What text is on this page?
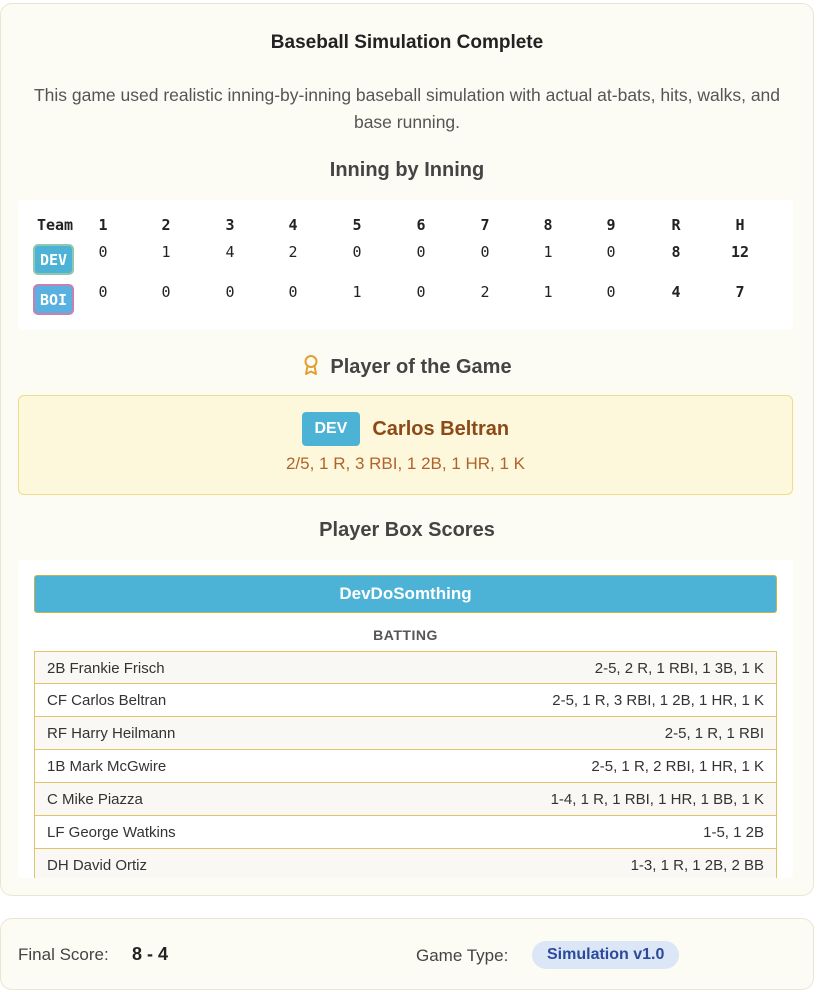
Baseball Simulation Complete
This game used realistic inning-by-inning baseball simulation with actual at-bats, hits, walks, and base running.
Inning by Inning
Team	1	2	3	4	5	6	7	8	9	R	H
DEV	0	1	4	2	0	0	0	1	0	8	12
BOI	0	0	0	0	1	0	2	1	0	4	7
Player of the Game
DEV Carlos Beltran
2/5, 1 R, 3 RBI, 1 2B, 1 HR, 1 K
Player Box Scores
DevDoSomthing
BATTING
2B Frankie Frisch	2-5, 2 R, 1 RBI, 1 3B, 1 K
CF Carlos Beltran	2-5, 1 R, 3 RBI, 1 2B, 1 HR, 1 K
RF Harry Heilmann	2-5, 1 R, 1 RBI
1B Mark McGwire	2-5, 1 R, 2 RBI, 1 HR, 1 K
C Mike Piazza	1-4, 1 R, 1 RBI, 1 HR, 1 BB, 1 K
LF George Watkins	1-5, 1 2B
DH David Ortiz	1-3, 1 R, 1 2B, 2 BB
Final Score: 8 - 4	Game Type:	Simulation v1.0
